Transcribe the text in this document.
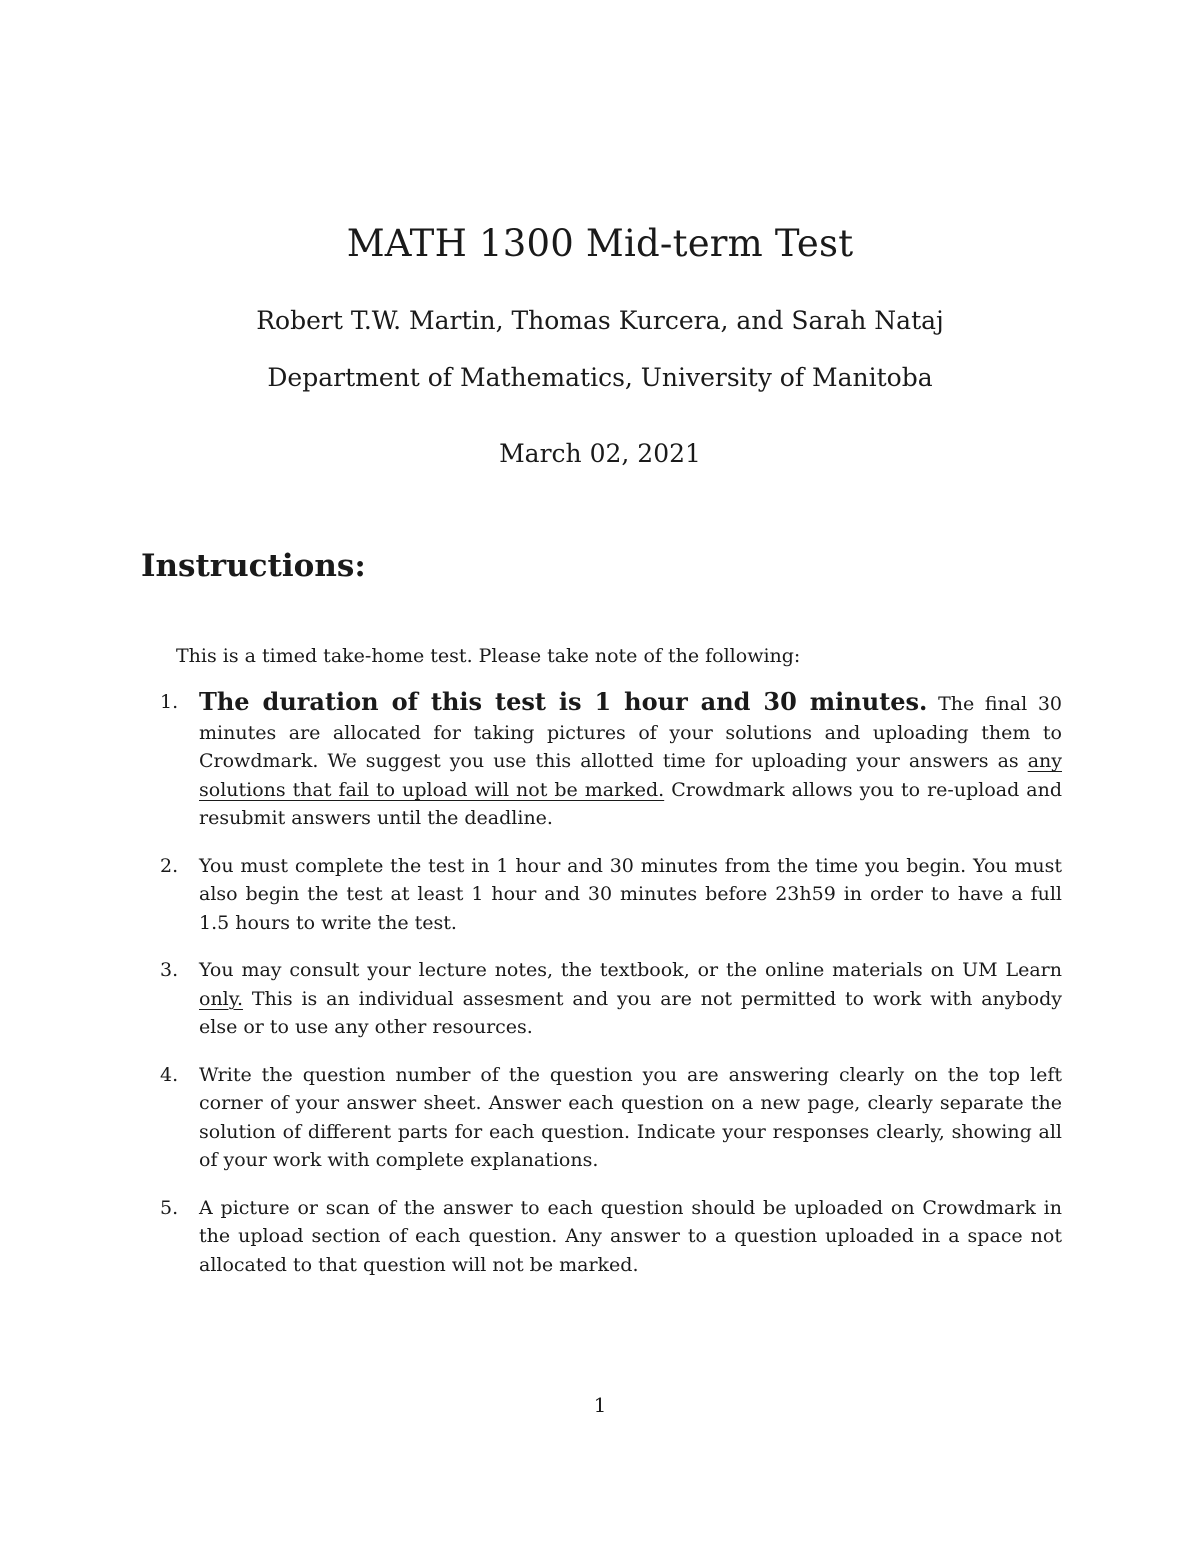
MATH 1300 Mid-term Test
Robert T.W. Martin, Thomas Kurcera, and Sarah Nataj
Department of Mathematics, University of Manitoba
March 02, 2021
Instructions:
This is a timed take-home test. Please take note of the following:
1. The duration of this test is 1 hour and 30 minutes. The final 30 minutes are allocated for taking pictures of your solutions and uploading them to Crowdmark. We suggest you use this allotted time for uploading your answers as any solutions that fail to upload will not be marked. Crowdmark allows you to re-upload and resubmit answers until the deadline.
2. You must complete the test in 1 hour and 30 minutes from the time you begin. You must also begin the test at least 1 hour and 30 minutes before 23h59 in order to have a full 1.5 hours to write the test.
3. You may consult your lecture notes, the textbook, or the online materials on UM Learn only. This is an individual assesment and you are not permitted to work with anybody else or to use any other resources.
4. Write the question number of the question you are answering clearly on the top left corner of your answer sheet. Answer each question on a new page, clearly separate the solution of different parts for each question. Indicate your responses clearly, showing all of your work with complete explanations.
5. A picture or scan of the answer to each question should be uploaded on Crowdmark in the upload section of each question. Any answer to a question uploaded in a space not allocated to that question will not be marked.
1
